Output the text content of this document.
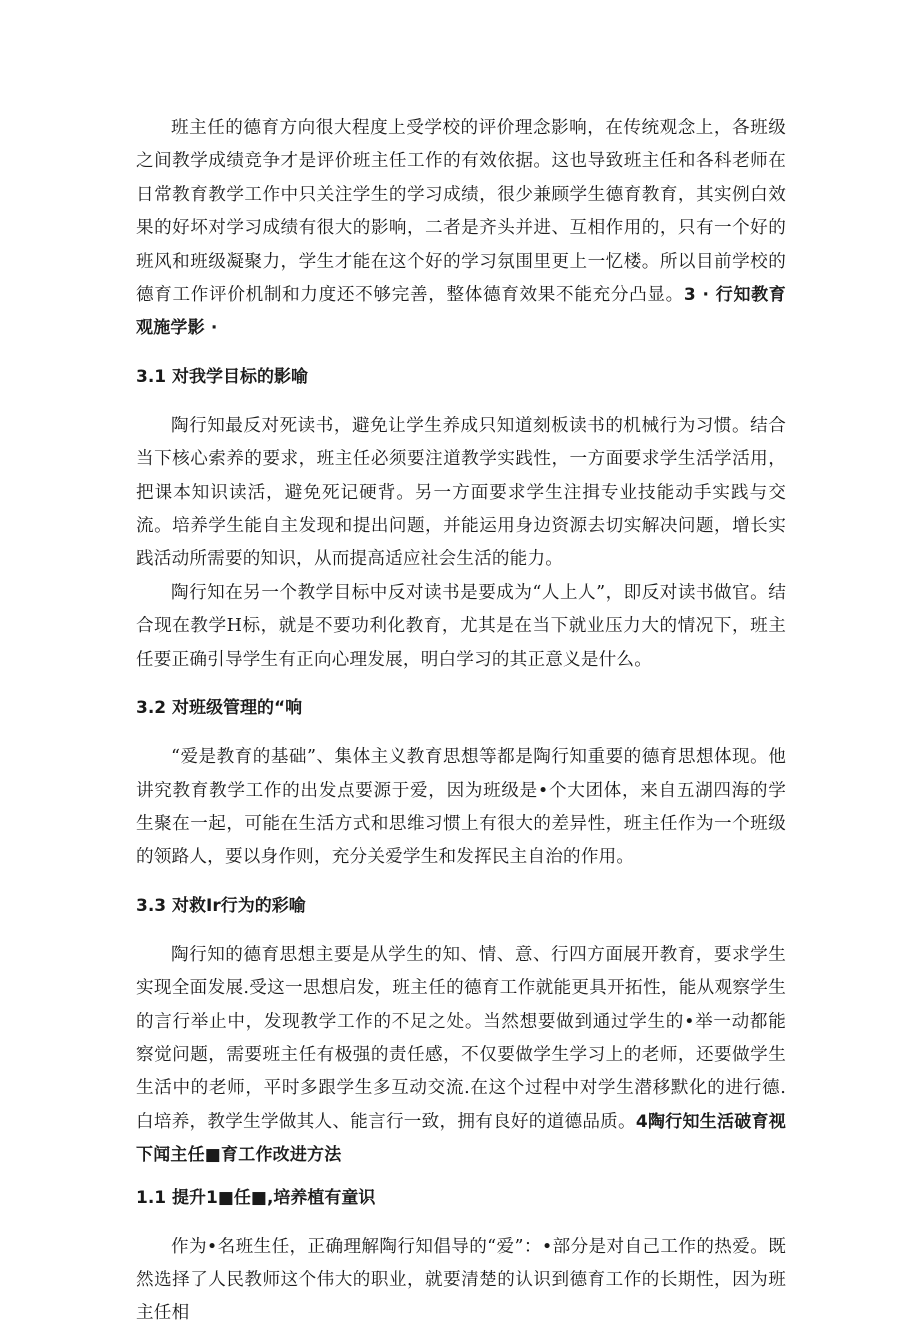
班主任的德育方向很大程度上受学校的评价理念影响，在传统观念上，各班级之间教学成绩竞争才是评价班主任工作的有效依据。这也导致班主任和各科老师在日常教育教学工作中只关注学生的学习成绩，很少兼顾学生德育教育，其实例白效果的好坏对学习成绩有很大的影响，二者是齐头并进、互相作用的，只有一个好的班风和班级凝聚力，学生才能在这个好的学习氛围里更上一忆楼。所以目前学校的德育工作评价机制和力度还不够完善，整体德育效果不能充分凸显。3 · 行知教育观施学影 ·

3.1 对我学目标的影喻

陶行知最反对死读书，避免让学生养成只知道刻板读书的机械行为习惯。结合当下核心索养的要求，班主任必须要注道教学实践性，一方面要求学生活学活用，把课本知识读活，避免死记硬背。另一方面要求学生注揖专业技能动手实践与交流。培养学生能自主发现和提出问题，并能运用身边资源去切实解决问题，增长实践活动所需要的知识，从而提高适应社会生活的能力。

陶行知在另一个教学目标中反对读书是要成为“人上人”，即反对读书做官。结合现在教学H标，就是不要功利化教育，尤其是在当下就业压力大的情况下，班主任要正确引导学生有正向心理发展，明白学习的其正意义是什么。

3.2 对班级管理的“响

“爱是教育的基础”、集体主义教育思想等都是陶行知重要的德育思想体现。他讲究教育教学工作的出发点要源于爱，因为班级是•个大团体，来自五湖四海的学生聚在一起，可能在生活方式和思维习惯上有很大的差异性，班主任作为一个班级的领路人，要以身作则，充分关爱学生和发挥民主自治的作用。

3.3 对救Ir行为的彩喻

陶行知的德育思想主要是从学生的知、情、意、行四方面展开教育，要求学生实现全面发展.受这一思想启发，班主任的德育工作就能更具开拓性，能从观察学生的言行举止中，发现教学工作的不足之处。当然想要做到通过学生的•举一动都能察觉问题，需要班主任有极强的责任感，不仅要做学生学习上的老师，还要做学生生活中的老师，平时多跟学生多互动交流.在这个过程中对学生潜移默化的进行德.白培养，教学生学做其人、能言行一致，拥有良好的道德品质。4陶行知生活破育视下闻主任■育工作改进方法

1.1 提升1■任■,培养植有童识

作为•名班生任，正确理解陶行知倡导的“爱”：•部分是对自己工作的热爱。既然选择了人民教师这个伟大的职业，就要清楚的认识到德育工作的长期性，因为班主任相
